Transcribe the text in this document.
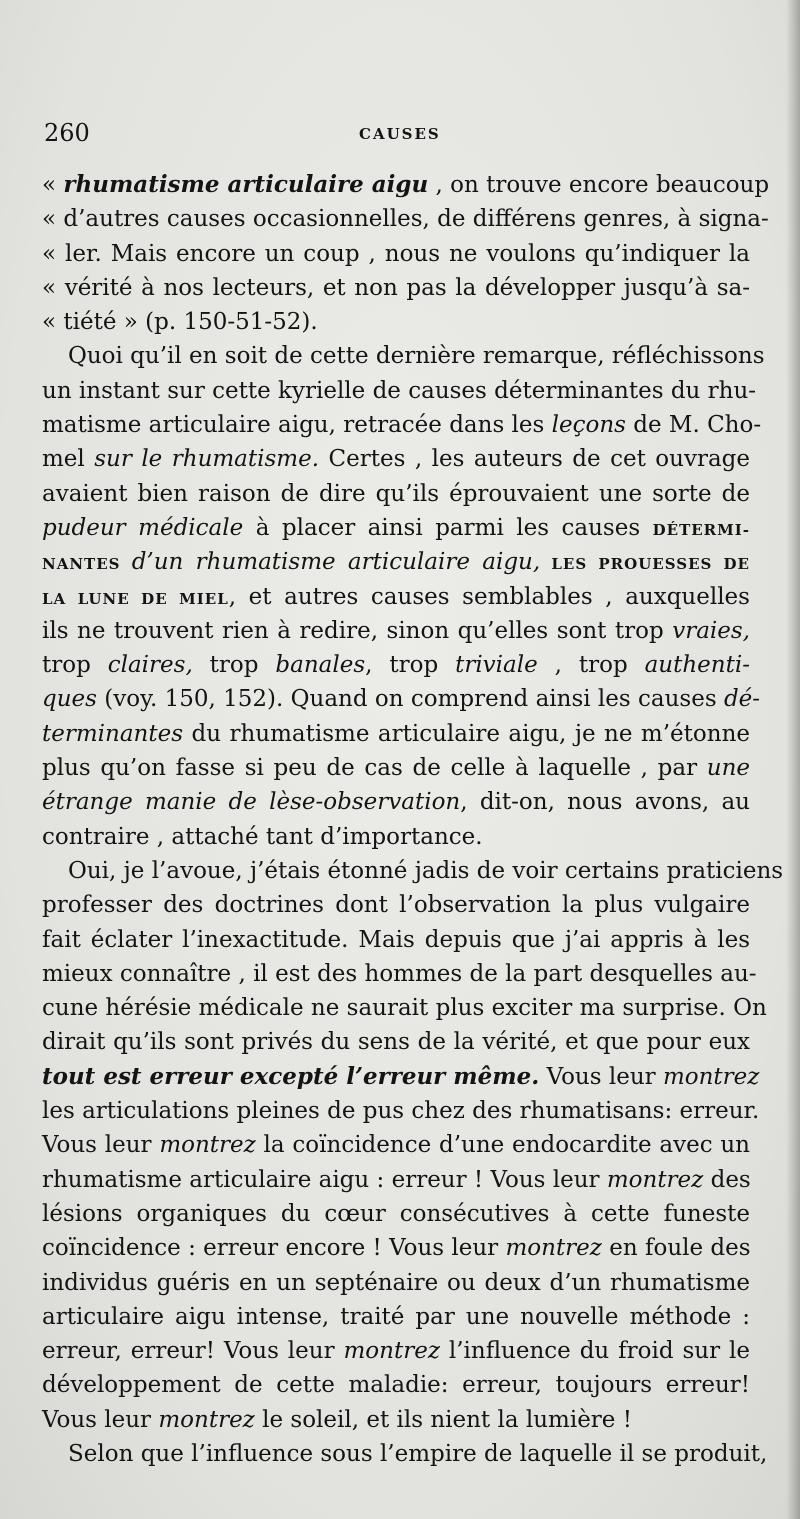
260	CAUSES
« rhumatisme articulaire aigu , on trouve encore beaucoup
« d’autres causes occasionnelles, de différens genres, à signa-
« ler. Mais encore un coup , nous ne voulons qu’indiquer la
« vérité à nos lecteurs, et non pas la développer jusqu’à sa-
« tiété » (p. 150-51-52).
Quoi qu’il en soit de cette dernière remarque, réfléchissons
un instant sur cette kyrielle de causes déterminantes du rhu-
matisme articulaire aigu, retracée dans les leçons de M. Cho-
mel sur le rhumatisme. Certes , les auteurs de cet ouvrage
avaient bien raison de dire qu’ils éprouvaient une sorte de
pudeur médicale à placer ainsi parmi les causes DÉTERMI-
NANTES d’un rhumatisme articulaire aigu, LES PROUESSES DE
LA LUNE DE MIEL, et autres causes semblables , auxquelles
ils ne trouvent rien à redire, sinon qu’elles sont trop vraies,
trop claires, trop banales, trop triviale , trop authenti-
ques (voy. 150, 152). Quand on comprend ainsi les causes dé-
terminantes du rhumatisme articulaire aigu, je ne m’étonne
plus qu’on fasse si peu de cas de celle à laquelle , par une
étrange manie de lèse-observation, dit-on, nous avons, au
contraire , attaché tant d’importance.
Oui, je l’avoue, j’étais étonné jadis de voir certains praticiens
professer des doctrines dont l’observation la plus vulgaire
fait éclater l’inexactitude. Mais depuis que j’ai appris à les
mieux connaître , il est des hommes de la part desquelles au-
cune hérésie médicale ne saurait plus exciter ma surprise. On
dirait qu’ils sont privés du sens de la vérité, et que pour eux
tout est erreur excepté l’erreur même. Vous leur montrez
les articulations pleines de pus chez des rhumatisans: erreur.
Vous leur montrez la coïncidence d’une endocardite avec un
rhumatisme articulaire aigu : erreur ! Vous leur montrez des
lésions organiques du cœur consécutives à cette funeste
coïncidence : erreur encore ! Vous leur montrez en foule des
individus guéris en un septénaire ou deux d’un rhumatisme
articulaire aigu intense, traité par une nouvelle méthode :
erreur, erreur! Vous leur montrez l’influence du froid sur le
développement de cette maladie: erreur, toujours erreur!
Vous leur montrez le soleil, et ils nient la lumière !
Selon que l’influence sous l’empire de laquelle il se produit,
